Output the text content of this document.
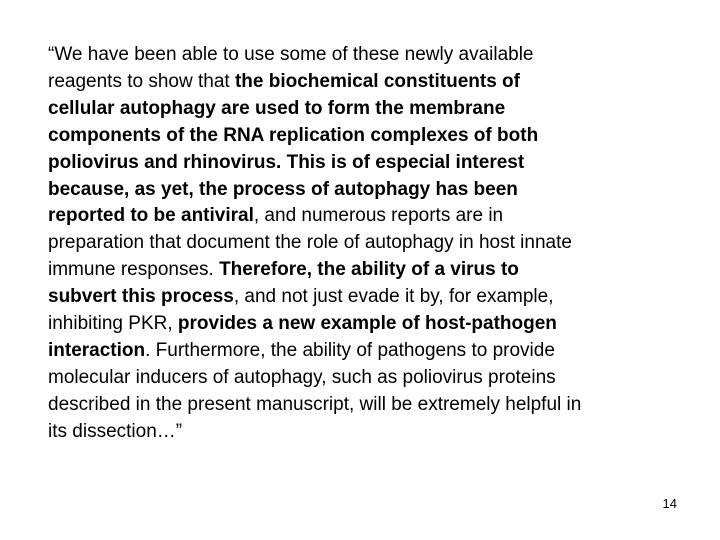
“We have been able to use some of these newly available
reagents to show that the biochemical constituents of
cellular autophagy are used to form the membrane
components of the RNA replication complexes of both
poliovirus and rhinovirus. This is of especial interest
because, as yet, the process of autophagy has been
reported to be antiviral, and numerous reports are in
preparation that document the role of autophagy in host innate
immune responses. Therefore, the ability of a virus to
subvert this process, and not just evade it by, for example,
inhibiting PKR, provides a new example of host-pathogen
interaction. Furthermore, the ability of pathogens to provide
molecular inducers of autophagy, such as poliovirus proteins
described in the present manuscript, will be extremely helpful in
its dissection…”
14
